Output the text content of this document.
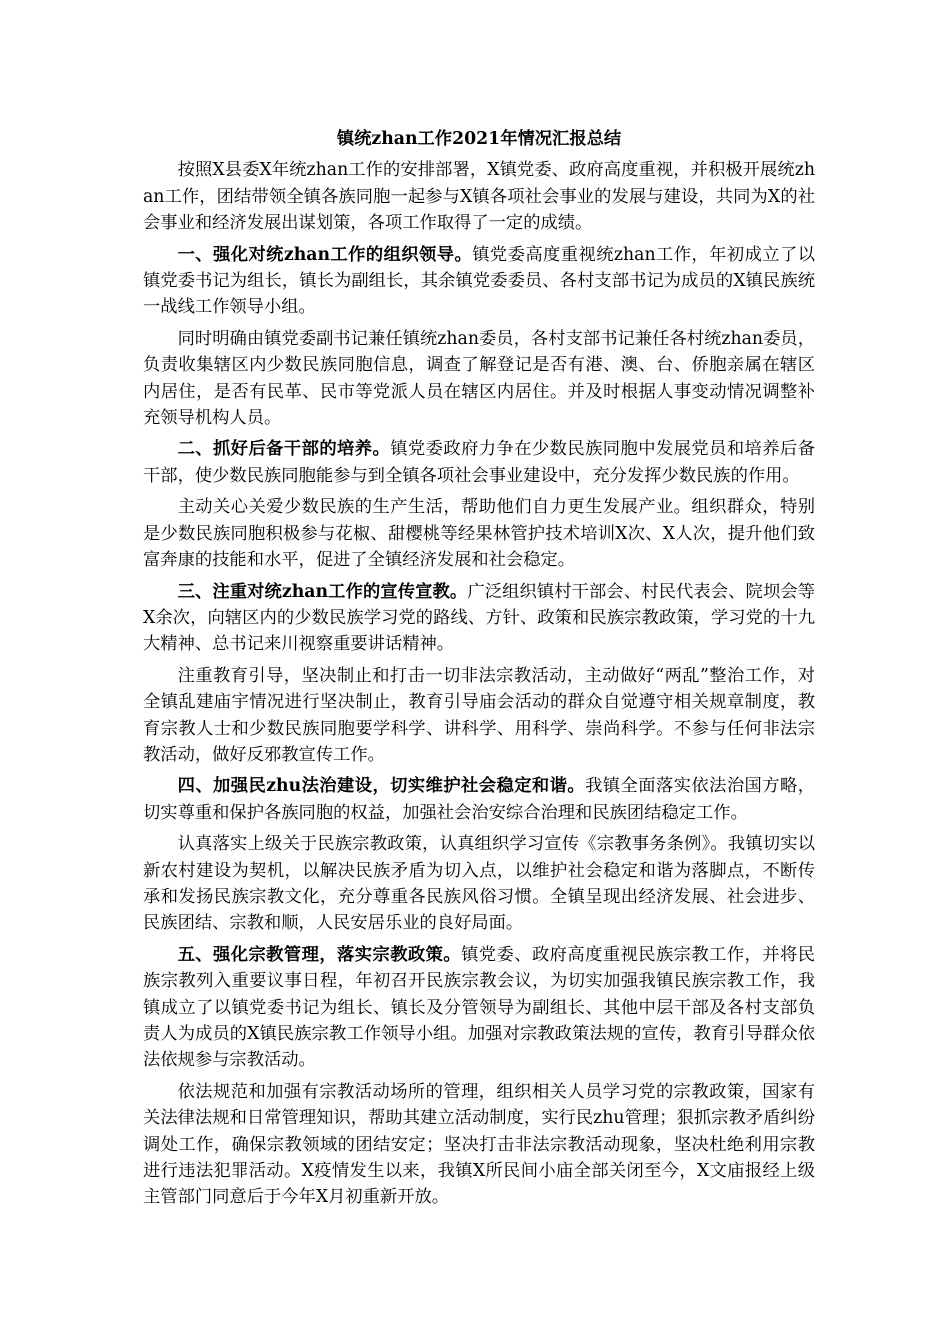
镇统zhan工作2021年情况汇报总结

按照X县委X年统zhan工作的安排部署，X镇党委、政府高度重视，并积极开展统zhan工作，团结带领全镇各族同胞一起参与X镇各项社会事业的发展与建设，共同为X的社会事业和经济发展出谋划策，各项工作取得了一定的成绩。

一、强化对统zhan工作的组织领导。镇党委高度重视统zhan工作，年初成立了以镇党委书记为组长，镇长为副组长，其余镇党委委员、各村支部书记为成员的X镇民族统一战线工作领导小组。

同时明确由镇党委副书记兼任镇统zhan委员，各村支部书记兼任各村统zhan委员，负责收集辖区内少数民族同胞信息，调查了解登记是否有港、澳、台、侨胞亲属在辖区内居住，是否有民革、民市等党派人员在辖区内居住。并及时根据人事变动情况调整补充领导机构人员。

二、抓好后备干部的培养。镇党委政府力争在少数民族同胞中发展党员和培养后备干部，使少数民族同胞能参与到全镇各项社会事业建设中，充分发挥少数民族的作用。

主动关心关爱少数民族的生产生活，帮助他们自力更生发展产业。组织群众，特别是少数民族同胞积极参与花椒、甜樱桃等经果林管护技术培训X次、X人次，提升他们致富奔康的技能和水平，促进了全镇经济发展和社会稳定。

三、注重对统zhan工作的宣传宣教。广泛组织镇村干部会、村民代表会、院坝会等X余次，向辖区内的少数民族学习党的路线、方针、政策和民族宗教政策，学习党的十九大精神、总书记来川视察重要讲话精神。

注重教育引导，坚决制止和打击一切非法宗教活动，主动做好“两乱”整治工作，对全镇乱建庙宇情况进行坚决制止，教育引导庙会活动的群众自觉遵守相关规章制度，教育宗教人士和少数民族同胞要学科学、讲科学、用科学、崇尚科学。不参与任何非法宗教活动，做好反邪教宣传工作。

四、加强民zhu法治建设，切实维护社会稳定和谐。我镇全面落实依法治国方略，切实尊重和保护各族同胞的权益，加强社会治安综合治理和民族团结稳定工作。

认真落实上级关于民族宗教政策，认真组织学习宣传《宗教事务条例》。我镇切实以新农村建设为契机，以解决民族矛盾为切入点，以维护社会稳定和谐为落脚点，不断传承和发扬民族宗教文化，充分尊重各民族风俗习惯。全镇呈现出经济发展、社会进步、民族团结、宗教和顺，人民安居乐业的良好局面。

五、强化宗教管理，落实宗教政策。镇党委、政府高度重视民族宗教工作，并将民族宗教列入重要议事日程，年初召开民族宗教会议，为切实加强我镇民族宗教工作，我镇成立了以镇党委书记为组长、镇长及分管领导为副组长、其他中层干部及各村支部负责人为成员的X镇民族宗教工作领导小组。加强对宗教政策法规的宣传，教育引导群众依法依规参与宗教活动。

依法规范和加强有宗教活动场所的管理，组织相关人员学习党的宗教政策，国家有关法律法规和日常管理知识，帮助其建立活动制度，实行民zhu管理；狠抓宗教矛盾纠纷调处工作，确保宗教领域的团结安定；坚决打击非法宗教活动现象，坚决杜绝利用宗教进行违法犯罪活动。X疫情发生以来，我镇X所民间小庙全部关闭至今，X文庙报经上级主管部门同意后于今年X月初重新开放。
